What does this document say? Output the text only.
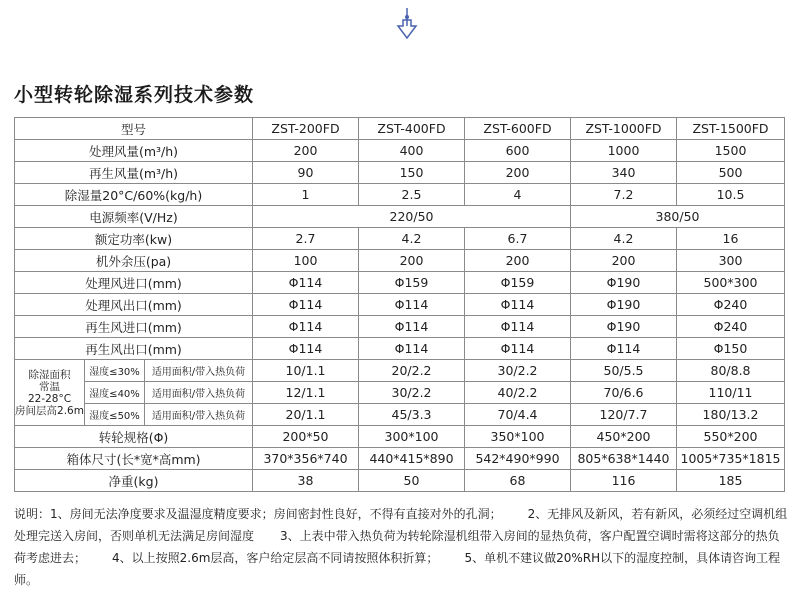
小型转轮除湿系列技术参数
型号			ZST-200FD	ZST-400FD	ZST-600FD	ZST-1000FD	ZST-1500FD
处理风量(m³/h)			200	400	600	1000	1500
再生风量(m³/h)			90	150	200	340	500
除湿量20°C/60%(kg/h)			1	2.5	4	7.2	10.5
电源频率(V/Hz)			220/50			380/50	
额定功率(kw)			2.7	4.2	6.7	4.2	16
机外余压(pa)			100	200	200	200	300
处理风进口(mm)			Φ114	Φ159	Φ159	Φ190	500*300
处理风出口(mm)			Φ114	Φ114	Φ114	Φ190	Φ240
再生风进口(mm)			Φ114	Φ114	Φ114	Φ190	Φ240
再生风出口(mm)			Φ114	Φ114	Φ114	Φ114	Φ150

除湿面积
常温
22-28°C
房间层高2.6m	湿度≤30%	适用面积/带入热负荷	10/1.1	20/2.2	30/2.2	50/5.5	80/8.8
	湿度≤40%	适用面积/带入热负荷	12/1.1	30/2.2	40/2.2	70/6.6	110/11
	湿度≤50%	适用面积/带入热负荷	20/1.1	45/3.3	70/4.4	120/7.7	180/13.2
转轮规格(Φ)			200*50	300*100	350*100	450*200	550*200
箱体尺寸(长*宽*高mm)			370*356*740	440*415*890	542*490*990	805*638*1440	1005*735*1815
净重(kg)			38	50	68	116	185
说明：1、房间无法净度要求及温湿度精度要求；房间密封性良好，不得有直接对外的孔洞； 2、无排风及新风，若有新风，必须经过空调机组处理完送入房间，否则单机无法满足房间湿度 3、上表中带入热负荷为转轮除湿机组带入房间的显热负荷，客户配置空调时需将这部分的热负荷考虑进去； 4、以上按照2.6m层高，客户给定层高不同请按照体积折算； 5、单机不建议做20%RH以下的湿度控制，具体请咨询工程师。
